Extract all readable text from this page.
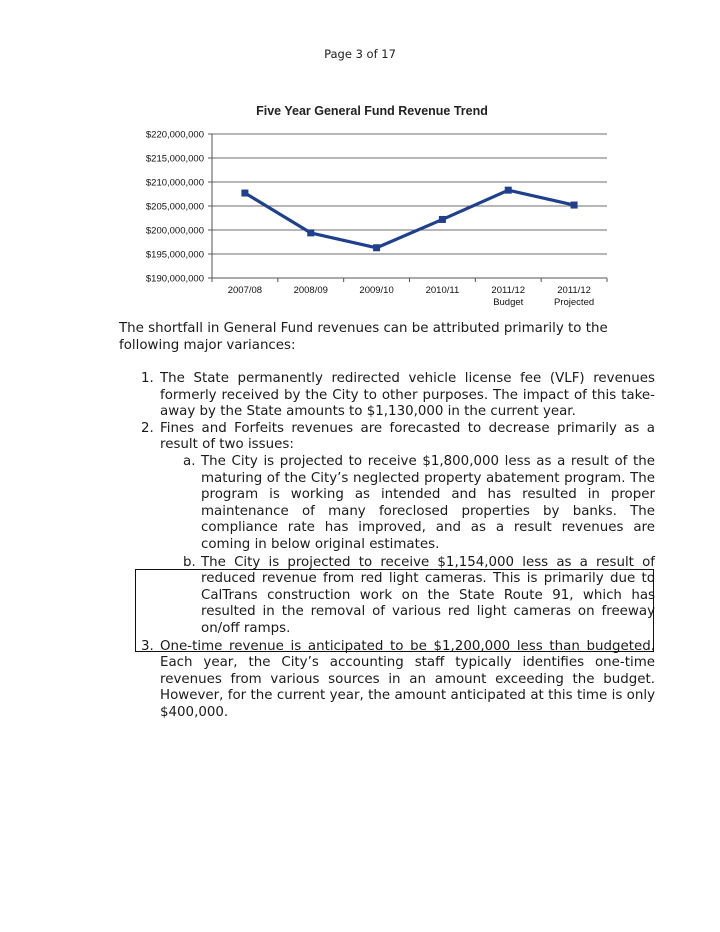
Page 3 of 17
Five Year General Fund Revenue Trend
$190,000,000
$195,000,000
$200,000,000
$205,000,000
$210,000,000
$215,000,000
$220,000,000
2007/08	2008/09	2009/10	2010/11	2011/12
Budget
2011/12
Projected
The shortfall in General Fund revenues can be attributed primarily to the following major variances:
1. The State permanently redirected vehicle license fee (VLF) revenues formerly received by the City to other purposes. The impact of this take-away by the State amounts to $1,130,000 in the current year.
2. Fines and Forfeits revenues are forecasted to decrease primarily as a result of two issues:
a. The City is projected to receive $1,800,000 less as a result of the maturing of the City’s neglected property abatement program. The program is working as intended and has resulted in proper maintenance of many foreclosed properties by banks. The compliance rate has improved, and as a result revenues are coming in below original estimates.
b. The City is projected to receive $1,154,000 less as a result of reduced revenue from red light cameras. This is primarily due to CalTrans construction work on the State Route 91, which has resulted in the removal of various red light cameras on freeway on/off ramps.
3. One-time revenue is anticipated to be $1,200,000 less than budgeted. Each year, the City’s accounting staff typically identifies one-time revenues from various sources in an amount exceeding the budget. However, for the current year, the amount anticipated at this time is only $400,000.
